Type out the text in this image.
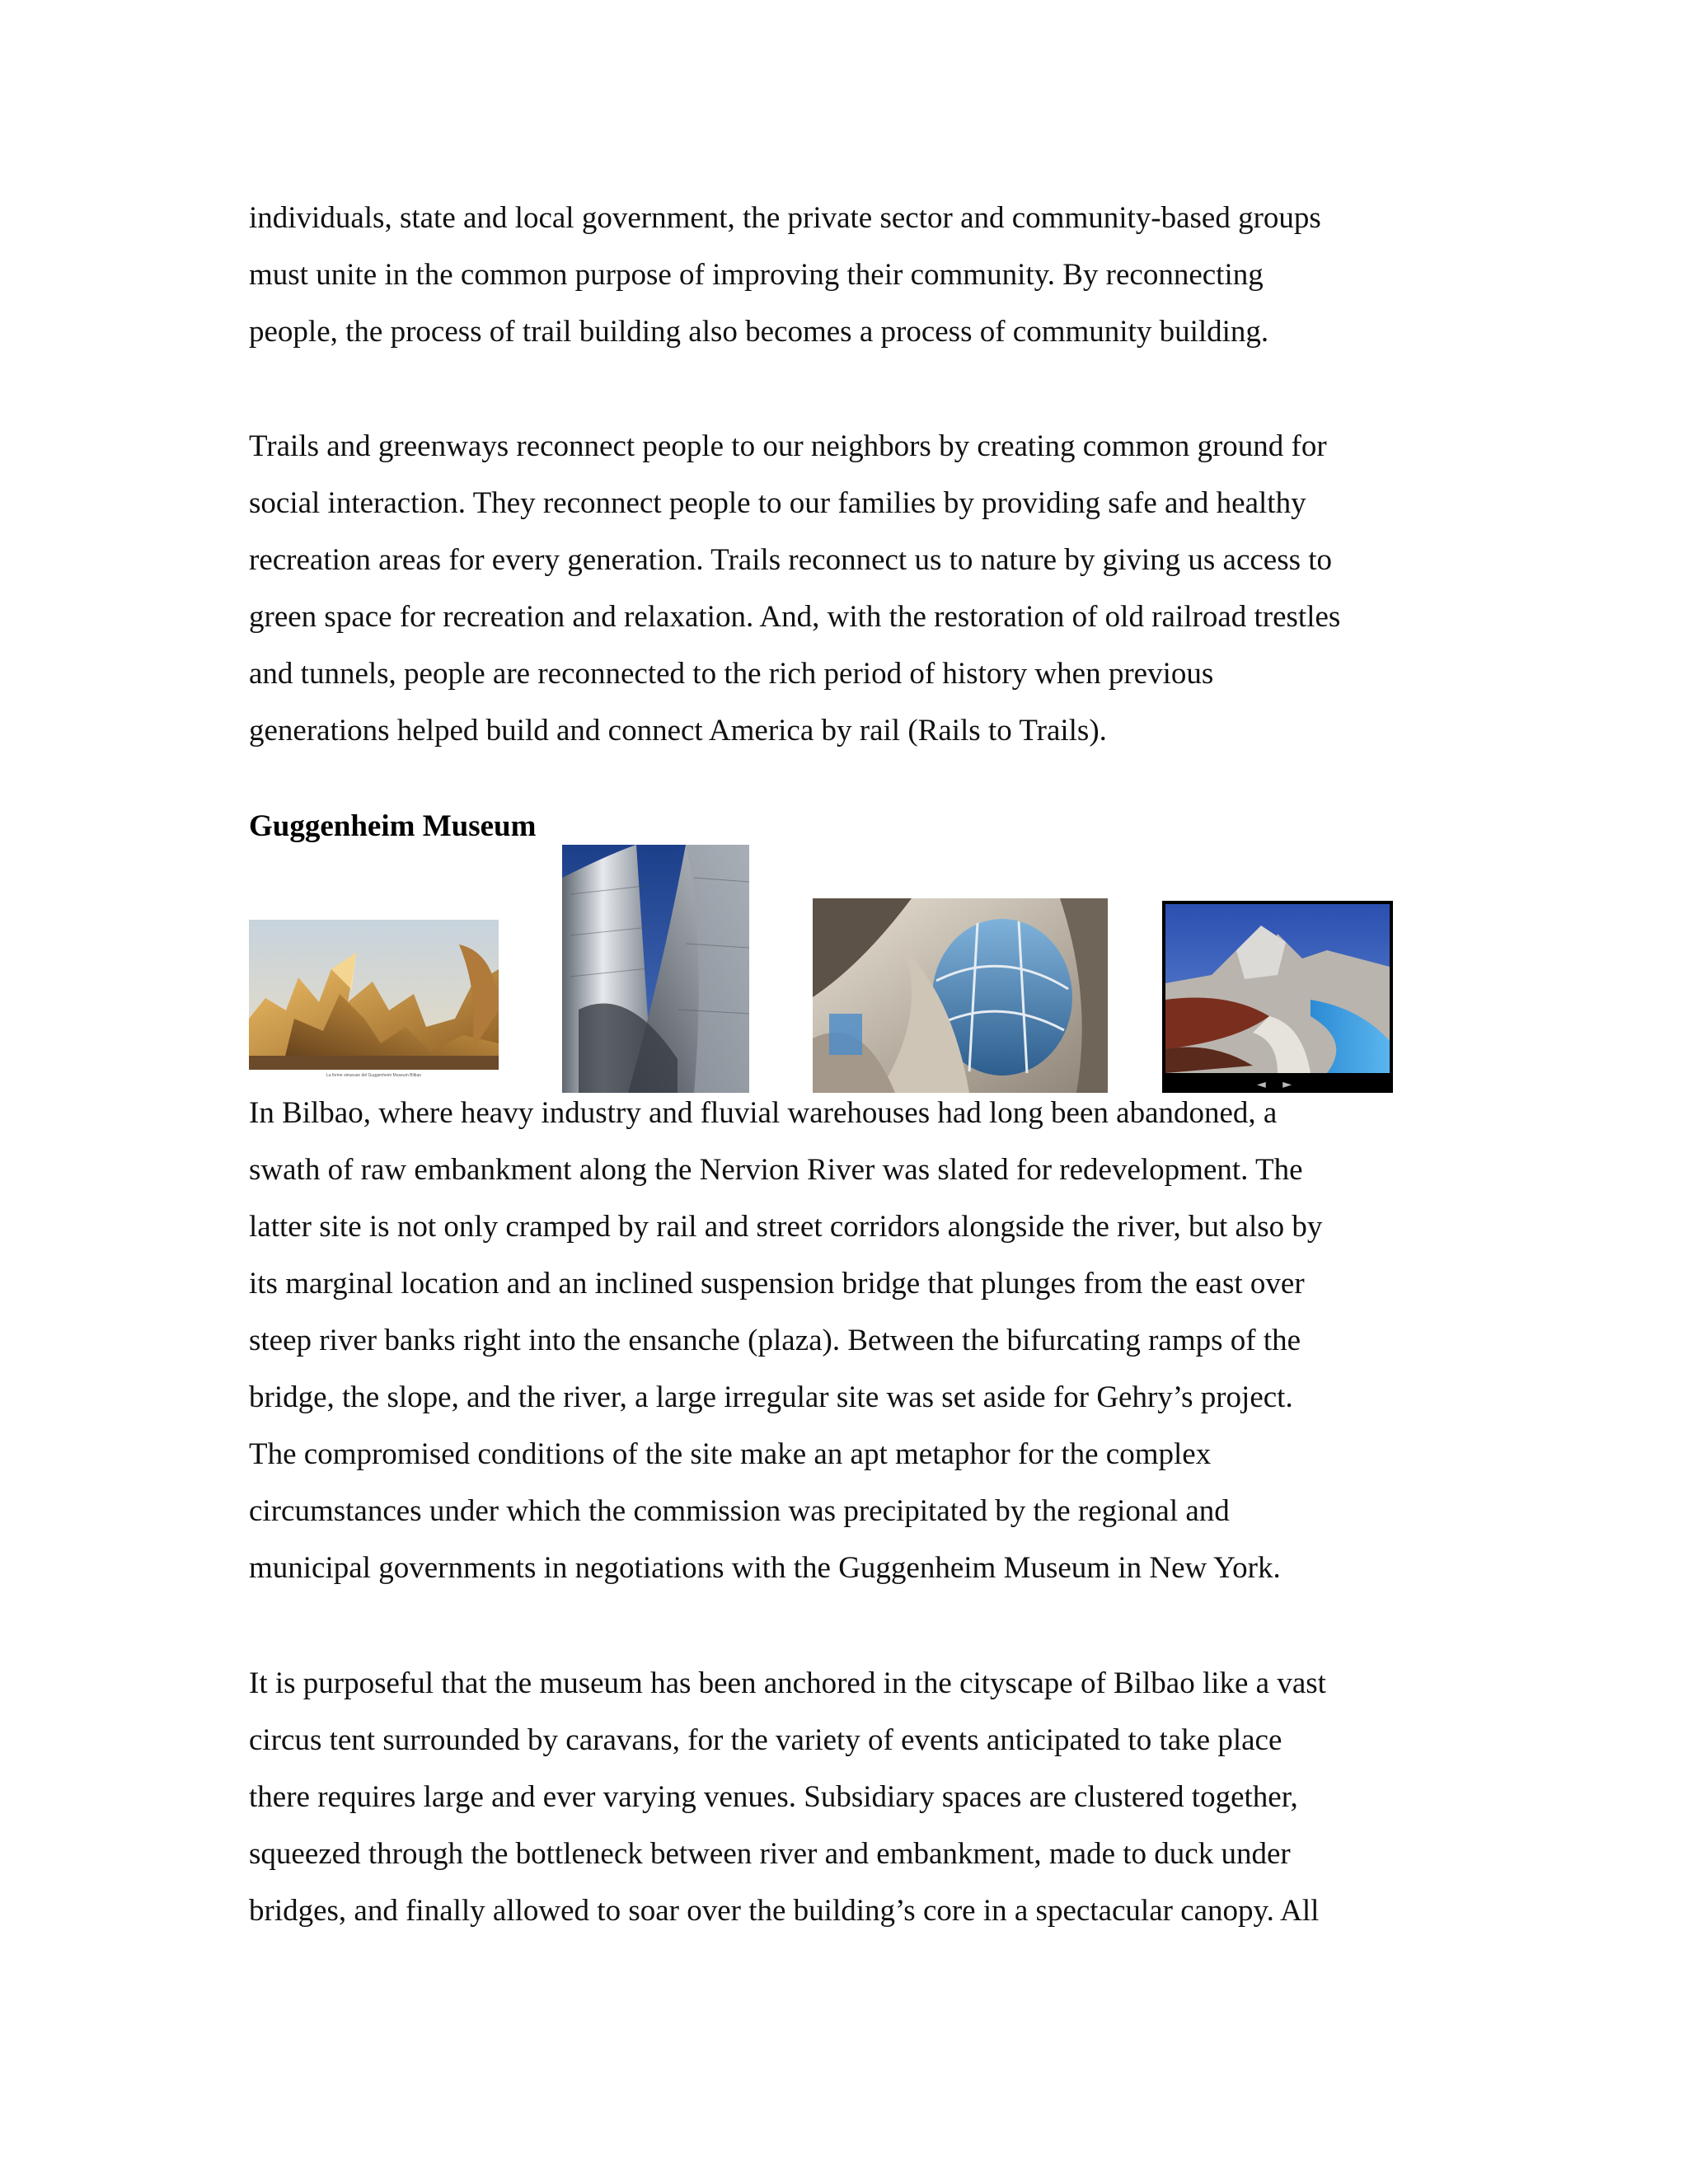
individuals, state and local government, the private sector and community-based groups
must unite in the common purpose of improving their community. By reconnecting
people, the process of trail building also becomes a process of community building.
Trails and greenways reconnect people to our neighbors by creating common ground for
social interaction. They reconnect people to our families by providing safe and healthy
recreation areas for every generation. Trails reconnect us to nature by giving us access to
green space for recreation and relaxation. And, with the restoration of old railroad trestles
and tunnels, people are reconnected to the rich period of history when previous
generations helped build and connect America by rail (Rails to Trails).
Guggenheim Museum
La forme sinueuse del Guggenheim Museum Bilbao
◄ ►
In Bilbao, where heavy industry and fluvial warehouses had long been abandoned, a
swath of raw embankment along the Nervion River was slated for redevelopment. The
latter site is not only cramped by rail and street corridors alongside the river, but also by
its marginal location and an inclined suspension bridge that plunges from the east over
steep river banks right into the ensanche (plaza). Between the bifurcating ramps of the
bridge, the slope, and the river, a large irregular site was set aside for Gehry’s project.
The compromised conditions of the site make an apt metaphor for the complex
circumstances under which the commission was precipitated by the regional and
municipal governments in negotiations with the Guggenheim Museum in New York.
It is purposeful that the museum has been anchored in the cityscape of Bilbao like a vast
circus tent surrounded by caravans, for the variety of events anticipated to take place
there requires large and ever varying venues. Subsidiary spaces are clustered together,
squeezed through the bottleneck between river and embankment, made to duck under
bridges, and finally allowed to soar over the building’s core in a spectacular canopy. All
